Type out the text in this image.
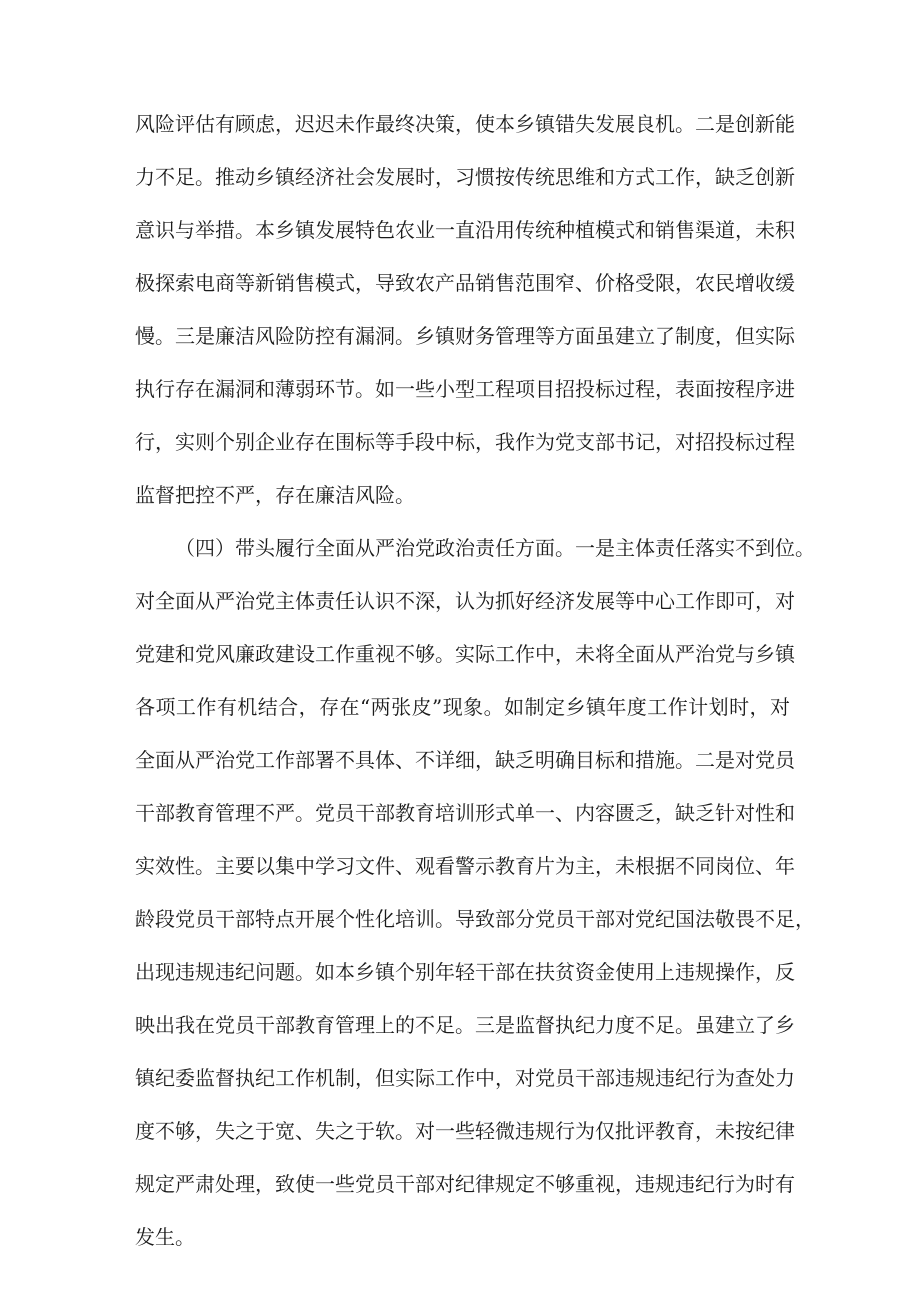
风 险 评 估 有 顾 虑 ， 迟 迟 未 作 最 终 决 策 ， 使 本 乡 镇 错 失 发 展 良 机 。 二 是 创 新 能
力 不 足 。 推 动 乡 镇 经 济 社 会 发 展 时 ， 习 惯 按 传 统 思 维 和 方 式 工 作 ， 缺 乏 创 新
意 识 与 举 措 。 本 乡 镇 发 展 特 色 农 业 一 直 沿 用 传 统 种 植 模 式 和 销 售 渠 道 ， 未 积
极 探 索 电 商 等 新 销 售 模 式 ， 导 致 农 产 品 销 售 范 围 窄 、 价 格 受 限 ， 农 民 增 收 缓
慢 。 三 是 廉 洁 风 险 防 控 有 漏 洞 。 乡 镇 财 务 管 理 等 方 面 虽 建 立 了 制 度 ， 但 实 际
执 行 存 在 漏 洞 和 薄 弱 环 节 。 如 一 些 小 型 工 程 项 目 招 投 标 过 程 ， 表 面 按 程 序 进
行 ， 实 则 个 别 企 业 存 在 围 标 等 手 段 中 标 ， 我 作 为 党 支 部 书 记 ， 对 招 投 标 过 程
监督把控不严，存在廉洁风险。
（ 四 ） 带 头 履 行 全 面 从 严 治 党 政 治 责 任 方 面 。 一 是 主 体 责 任 落 实 不 到 位 。
对 全 面 从 严 治 党 主 体 责 任 认 识 不 深 ， 认 为 抓 好 经 济 发 展 等 中 心 工 作 即 可 ， 对
党 建 和 党 风 廉 政 建 设 工 作 重 视 不 够 。 实 际 工 作 中 ， 未 将 全 面 从 严 治 党 与 乡 镇
各 项 工 作 有 机 结 合 ， 存 在 “ 两 张 皮 ” 现 象 。 如 制 定 乡 镇 年 度 工 作 计 划 时 ， 对
全 面 从 严 治 党 工 作 部 署 不 具 体 、 不 详 细 ， 缺 乏 明 确 目 标 和 措 施 。 二 是 对 党 员
干 部 教 育 管 理 不 严 。 党 员 干 部 教 育 培 训 形 式 单 一 、 内 容 匮 乏 ， 缺 乏 针 对 性 和
实 效 性 。 主 要 以 集 中 学 习 文 件 、 观 看 警 示 教 育 片 为 主 ， 未 根 据 不 同 岗 位 、 年
龄 段 党 员 干 部 特 点 开 展 个 性 化 培 训 。 导 致 部 分 党 员 干 部 对 党 纪 国 法 敬 畏 不 足 ，
出 现 违 规 违 纪 问 题 。 如 本 乡 镇 个 别 年 轻 干 部 在 扶 贫 资 金 使 用 上 违 规 操 作 ， 反
映 出 我 在 党 员 干 部 教 育 管 理 上 的 不 足 。 三 是 监 督 执 纪 力 度 不 足 。 虽 建 立 了 乡
镇 纪 委 监 督 执 纪 工 作 机 制 ， 但 实 际 工 作 中 ， 对 党 员 干 部 违 规 违 纪 行 为 查 处 力
度 不 够 ， 失 之 于 宽 、 失 之 于 软 。 对 一 些 轻 微 违 规 行 为 仅 批 评 教 育 ， 未 按 纪 律
规 定 严 肃 处 理 ， 致 使 一 些 党 员 干 部 对 纪 律 规 定 不 够 重 视 ， 违 规 违 纪 行 为 时 有
发生。
